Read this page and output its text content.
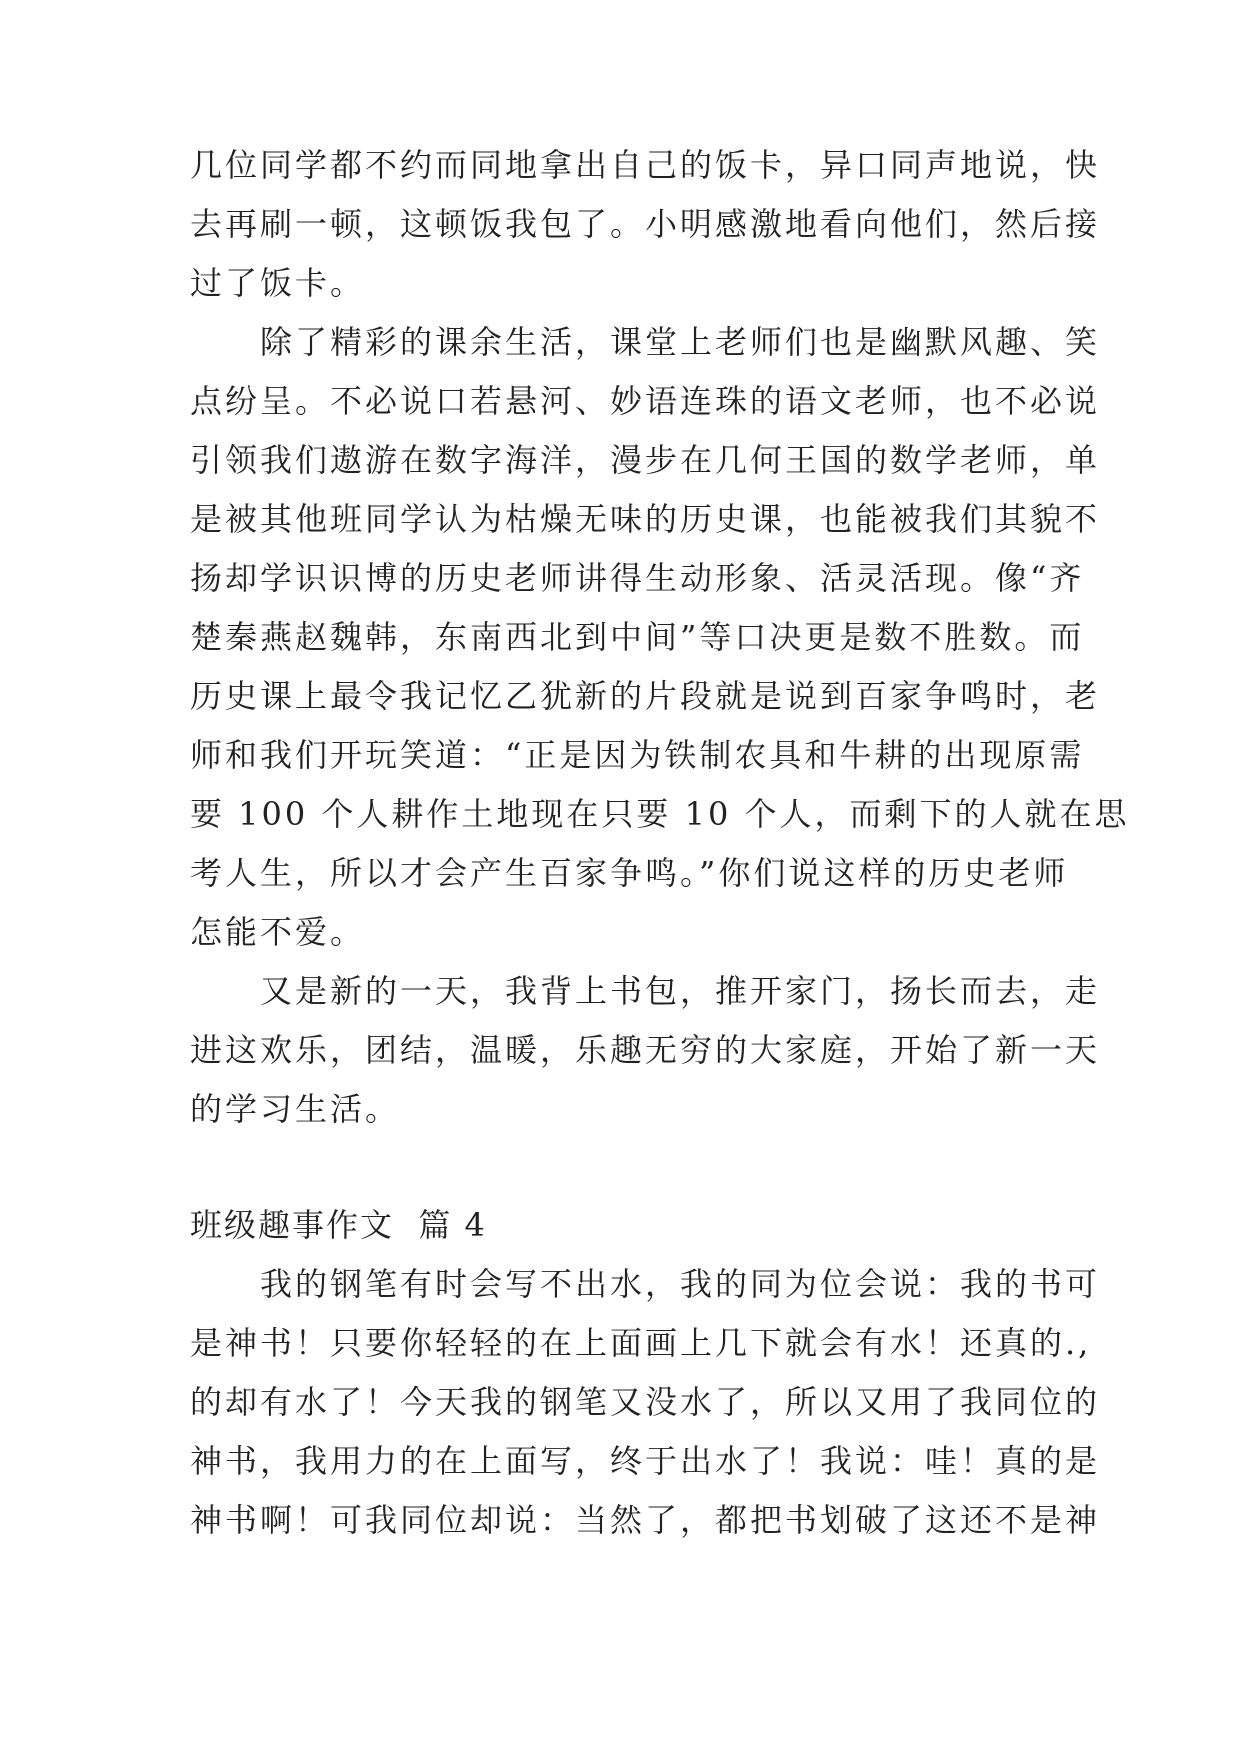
几位同学都不约而同地拿出自己的饭卡，异口同声地说，快
去再刷一顿，这顿饭我包了。小明感激地看向他们，然后接
过了饭卡。
　　除了精彩的课余生活，课堂上老师们也是幽默风趣、笑
点纷呈。不必说口若悬河、妙语连珠的语文老师，也不必说
引领我们遨游在数字海洋，漫步在几何王国的数学老师，单
是被其他班同学认为枯燥无味的历史课，也能被我们其貌不
扬却学识识博的历史老师讲得生动形象、活灵活现。像“齐
楚秦燕赵魏韩，东南西北到中间”等口决更是数不胜数。而
历史课上最令我记忆乙犹新的片段就是说到百家争鸣时，老
师和我们开玩笑道：“正是因为铁制农具和牛耕的出现原需
要 100 个人耕作土地现在只要 10 个人，而剩下的人就在思
考人生，所以才会产生百家争鸣。”你们说这样的历史老师
怎能不爱。
　　又是新的一天，我背上书包，推开家门，扬长而去，走
进这欢乐，团结，温暖，乐趣无穷的大家庭，开始了新一天
的学习生活。
班级趣事作文  篇 4
　　我的钢笔有时会写不出水，我的同为位会说：我的书可
是神书！只要你轻轻的在上面画上几下就会有水！还真的.,
的却有水了！今天我的钢笔又没水了，所以又用了我同位的
神书，我用力的在上面写，终于出水了！我说：哇！真的是
神书啊！可我同位却说：当然了，都把书划破了这还不是神
